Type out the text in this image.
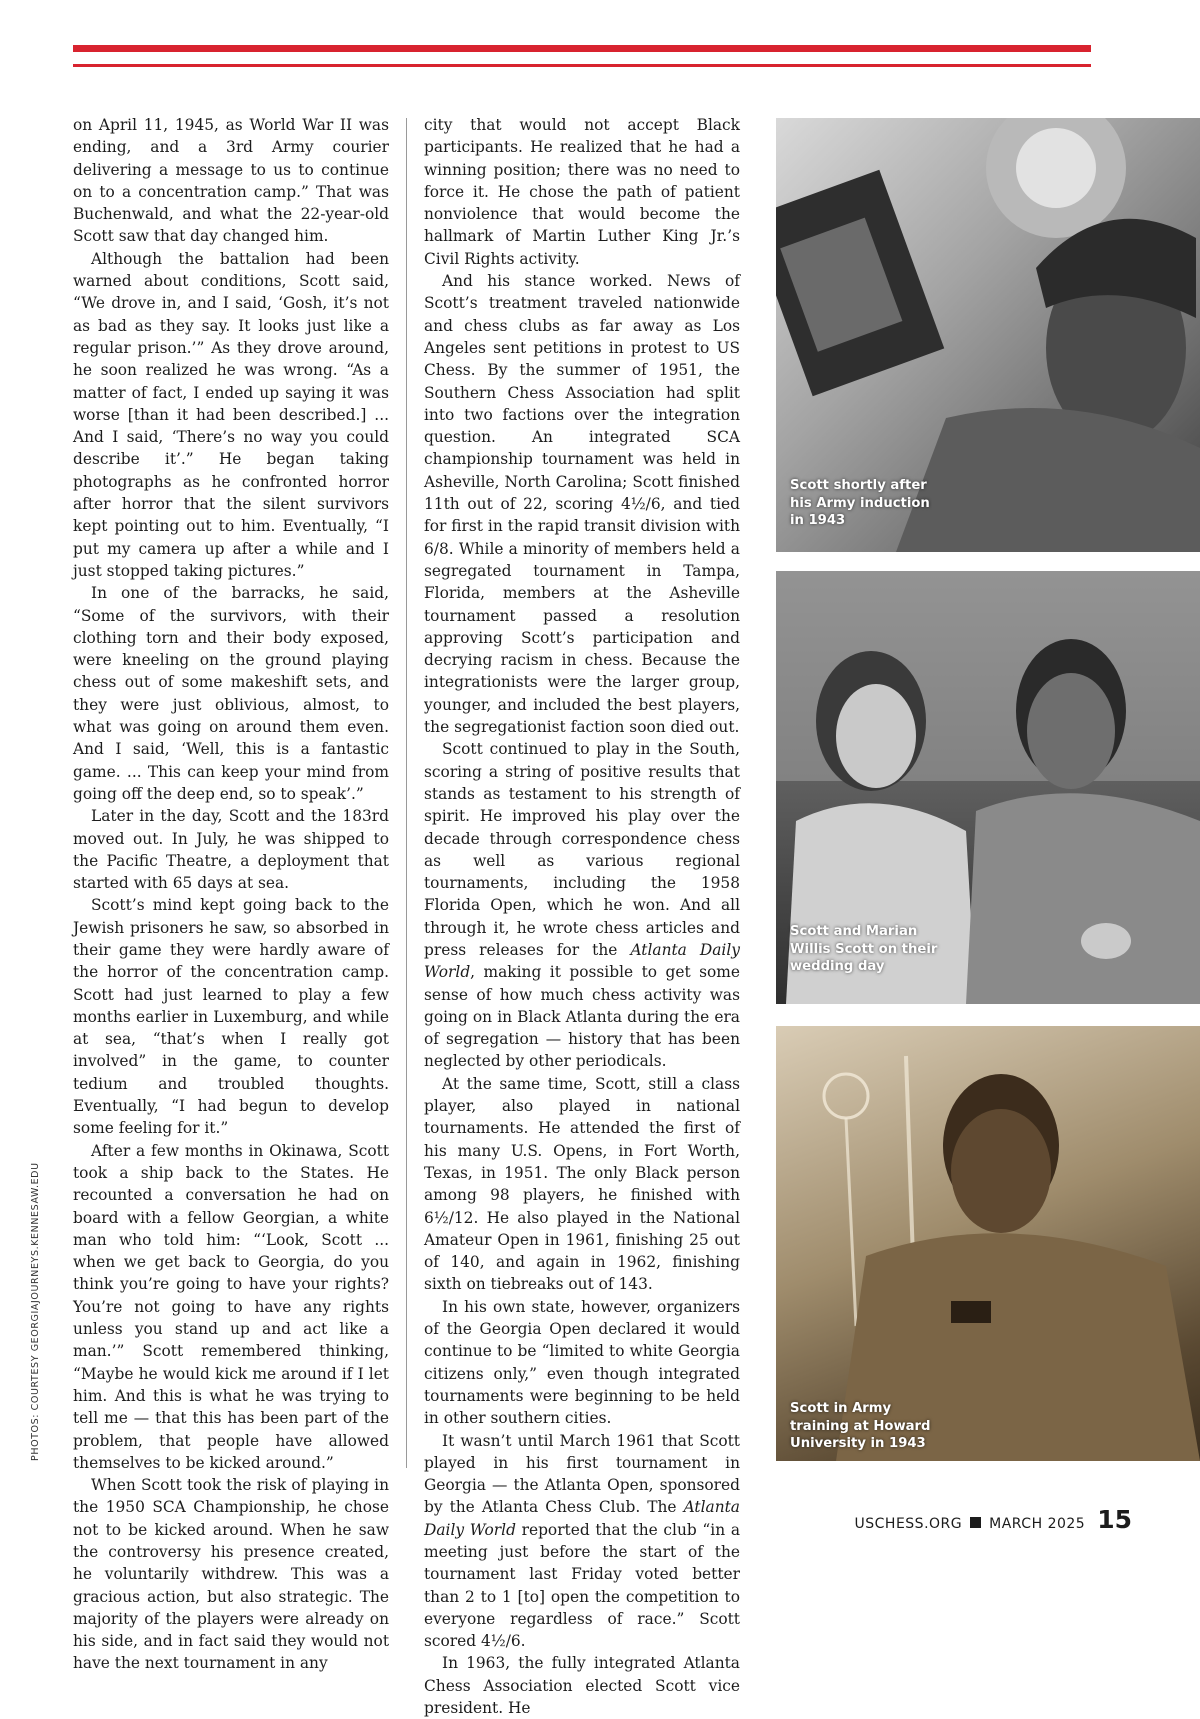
PHOTOS: COURTESY GEORGIAJOURNEYS.KENNESAW.EDU

on April 11, 1945, as World War II was ending, and a 3rd Army courier delivering a message to us to continue on to a concentration camp.” That was Buchenwald, and what the 22-year-old Scott saw that day changed him.

Although the battalion had been warned about conditions, Scott said, “We drove in, and I said, ‘Gosh, it’s not as bad as they say. It looks just like a regular prison.’” As they drove around, he soon realized he was wrong. “As a matter of fact, I ended up saying it was worse [than it had been described.] ... And I said, ‘There’s no way you could describe it’.” He began taking photographs as he confronted horror after horror that the silent survivors kept pointing out to him. Eventually, “I put my camera up after a while and I just stopped taking pictures.”

In one of the barracks, he said, “Some of the survivors, with their clothing torn and their body exposed, were kneeling on the ground playing chess out of some makeshift sets, and they were just oblivious, almost, to what was going on around them even. And I said, ‘Well, this is a fantastic game. ... This can keep your mind from going off the deep end, so to speak’.”

Later in the day, Scott and the 183rd moved out. In July, he was shipped to the Pacific Theatre, a deployment that started with 65 days at sea.

Scott’s mind kept going back to the Jewish prisoners he saw, so absorbed in their game they were hardly aware of the horror of the concentration camp. Scott had just learned to play a few months earlier in Luxemburg, and while at sea, “that’s when I really got involved” in the game, to counter tedium and troubled thoughts. Eventually, “I had begun to develop some feeling for it.”

After a few months in Okinawa, Scott took a ship back to the States. He recounted a conversation he had on board with a fellow Georgian, a white man who told him: “‘Look, Scott ... when we get back to Georgia, do you think you’re going to have your rights? You’re not going to have any rights unless you stand up and act like a man.’” Scott remembered thinking, “Maybe he would kick me around if I let him. And this is what he was trying to tell me — that this has been part of the problem, that people have allowed themselves to be kicked around.”

When Scott took the risk of playing in the 1950 SCA Championship, he chose not to be kicked around. When he saw the controversy his presence created, he voluntarily withdrew. This was a gracious action, but also strategic. The majority of the players were already on his side, and in fact said they would not have the next tournament in any

city that would not accept Black participants. He realized that he had a winning position; there was no need to force it. He chose the path of patient nonviolence that would become the hallmark of Martin Luther King Jr.’s Civil Rights activity.

And his stance worked. News of Scott’s treatment traveled nationwide and chess clubs as far away as Los Angeles sent petitions in protest to US Chess. By the summer of 1951, the Southern Chess Association had split into two factions over the integration question. An integrated SCA championship tournament was held in Asheville, North Carolina; Scott finished 11th out of 22, scoring 4½/6, and tied for first in the rapid transit division with 6/8. While a minority of members held a segregated tournament in Tampa, Florida, members at the Asheville tournament passed a resolution approving Scott’s participation and decrying racism in chess. Because the integrationists were the larger group, younger, and included the best players, the segregationist faction soon died out.

Scott continued to play in the South, scoring a string of positive results that stands as testament to his strength of spirit. He improved his play over the decade through correspondence chess as well as various regional tournaments, including the 1958 Florida Open, which he won. And all through it, he wrote chess articles and press releases for the Atlanta Daily World, making it possible to get some sense of how much chess activity was going on in Black Atlanta during the era of segregation — history that has been neglected by other periodicals.

At the same time, Scott, still a class player, also played in national tournaments. He attended the first of his many U.S. Opens, in Fort Worth, Texas, in 1951. The only Black person among 98 players, he finished with 6½/12. He also played in the National Amateur Open in 1961, finishing 25 out of 140, and again in 1962, finishing sixth on tiebreaks out of 143.

In his own state, however, organizers of the Georgia Open declared it would continue to be “limited to white Georgia citizens only,” even though integrated tournaments were beginning to be held in other southern cities.

It wasn’t until March 1961 that Scott played in his first tournament in Georgia — the Atlanta Open, sponsored by the Atlanta Chess Club. The Atlanta Daily World reported that the club “in a meeting just before the start of the tournament last Friday voted better than 2 to 1 [to] open the competition to everyone regardless of race.” Scott scored 4½/6.

In 1963, the fully integrated Atlanta Chess Association elected Scott vice president. He

Scott shortly after his Army induction in 1943
Scott and Marian Willis Scott on their wedding day
Scott in Army training at Howard University in 1943
USCHESS.ORG MARCH 2025 15
